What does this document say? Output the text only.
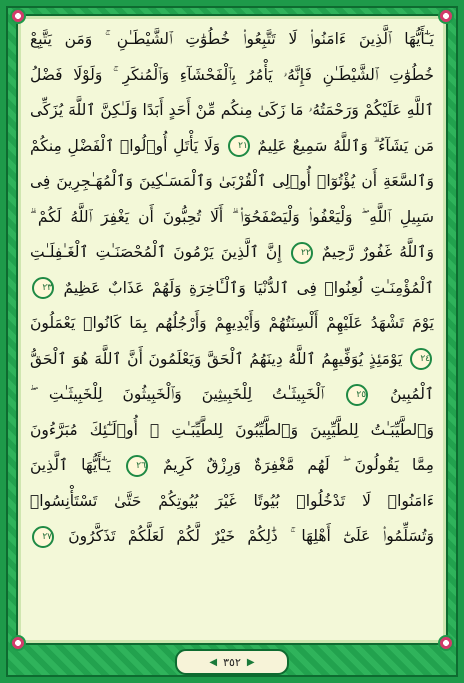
يَـٰٓأَيُّهَا ٱلَّذِينَ ءَامَنُوا۟ لَا تَتَّبِعُوا۟ خُطُوَٰتِ ٱلشَّيْطَـٰنِ ۚ وَمَن يَتَّبِعْ
خُطُوَٰتِ ٱلشَّيْطَـٰنِ فَإِنَّهُۥ يَأْمُرُ بِٱلْفَحْشَآءِ وَٱلْمُنكَرِ ۚ وَلَوْلَا فَضْلُ
ٱللَّهِ عَلَيْكُمْ وَرَحْمَتُهُۥ مَا زَكَىٰ مِنكُم مِّنْ أَحَدٍ أَبَدًا وَلَـٰكِنَّ ٱللَّهَ يُزَكِّى
مَن يَشَآءُ ۗ وَٱللَّهُ سَمِيعٌ عَلِيمٌ ٢١ وَلَا يَأْتَلِ أُو۟لُوا۟ ٱلْفَضْلِ مِنكُمْ
وَٱلسَّعَةِ أَن يُؤْتُوٓا۟ أُو۟لِى ٱلْقُرْبَىٰ وَٱلْمَسَـٰكِينَ وَٱلْمُهَـٰجِرِينَ فِى
سَبِيلِ ٱللَّهِ ۖ وَلْيَعْفُوا۟ وَلْيَصْفَحُوٓا۟ ۗ أَلَا تُحِبُّونَ أَن يَغْفِرَ ٱللَّهُ لَكُمْ ۗ
وَٱللَّهُ غَفُورٌ رَّحِيمٌ ٢٢ إِنَّ ٱلَّذِينَ يَرْمُونَ ٱلْمُحْصَنَـٰتِ ٱلْغَـٰفِلَـٰتِ
ٱلْمُؤْمِنَـٰتِ لُعِنُوا۟ فِى ٱلدُّنْيَا وَٱلْـَٔاخِرَةِ وَلَهُمْ عَذَابٌ عَظِيمٌ ٢٣
يَوْمَ تَشْهَدُ عَلَيْهِمْ أَلْسِنَتُهُمْ وَأَيْدِيهِمْ وَأَرْجُلُهُم بِمَا كَانُوا۟ يَعْمَلُونَ
٢٤ يَوْمَئِذٍ يُوَفِّيهِمُ ٱللَّهُ دِينَهُمُ ٱلْحَقَّ وَيَعْلَمُونَ أَنَّ ٱللَّهَ هُوَ ٱلْحَقُّ
ٱلْمُبِينُ ٢٥ ٱلْخَبِيثَـٰتُ لِلْخَبِيثِينَ وَٱلْخَبِيثُونَ لِلْخَبِيثَـٰتِ ۖ
وَٱلطَّيِّبَـٰتُ لِلطَّيِّبِينَ وَٱلطَّيِّبُونَ لِلطَّيِّبَـٰتِ ۚ أُو۟لَـٰٓئِكَ مُبَرَّءُونَ
مِمَّا يَقُولُونَ ۖ لَهُم مَّغْفِرَةٌ وَرِزْقٌ كَرِيمٌ ٢٦ يَـٰٓأَيُّهَا ٱلَّذِينَ
ءَامَنُوا۟ لَا تَدْخُلُوا۟ بُيُوتًا غَيْرَ بُيُوتِكُمْ حَتَّىٰ تَسْتَأْنِسُوا۟
وَتُسَلِّمُوا۟ عَلَىٰٓ أَهْلِهَا ۚ ذَٰلِكُمْ خَيْرٌ لَّكُمْ لَعَلَّكُمْ تَذَكَّرُونَ ٢٧
◀ ٣٥٢ ▶
